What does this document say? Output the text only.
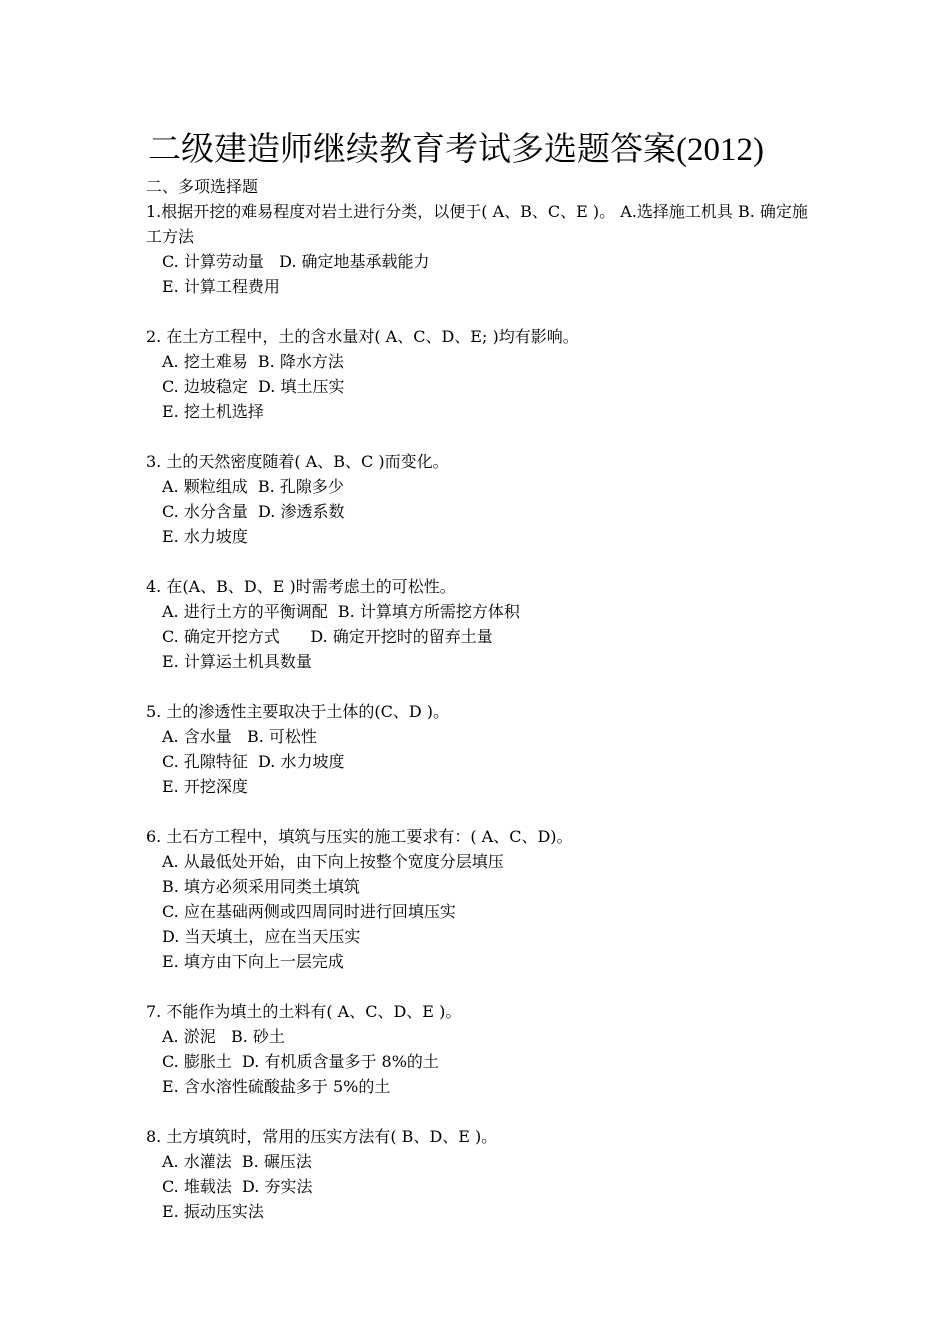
二级建造师继续教育考试多选题答案(2012)
二、多项选择题
1.根据开挖的难易程度对岩土进行分类，以便于( A、B、C、E )。 A.选择施工机具 B. 确定施工方法
C. 计算劳动量   D. 确定地基承载能力
E. 计算工程费用
2. 在土方工程中，土的含水量对( A、C、D、E; )均有影响。
A. 挖土难易  B. 降水方法
C. 边坡稳定  D. 填土压实
E. 挖土机选择
3. 土的天然密度随着( A、B、C )而变化。
A. 颗粒组成  B. 孔隙多少
C. 水分含量  D. 渗透系数
E. 水力坡度
4. 在(A、B、D、E )时需考虑土的可松性。
A. 进行土方的平衡调配  B. 计算填方所需挖方体积
C. 确定开挖方式      D. 确定开挖时的留弃土量
E. 计算运土机具数量
5. 土的渗透性主要取决于土体的(C、D )。
A. 含水量   B. 可松性
C. 孔隙特征  D. 水力坡度
E. 开挖深度
6. 土石方工程中，填筑与压实的施工要求有：( A、C、D)。
A. 从最低处开始，由下向上按整个宽度分层填压
B. 填方必须采用同类土填筑
C. 应在基础两侧或四周同时进行回填压实
D. 当天填土，应在当天压实
E. 填方由下向上一层完成
7. 不能作为填土的土料有( A、C、D、E )。
A. 淤泥   B. 砂土
C. 膨胀土  D. 有机质含量多于 8%的土
E. 含水溶性硫酸盐多于 5%的土
8. 土方填筑时，常用的压实方法有( B、D、E )。
A. 水灌法  B. 碾压法
C. 堆载法  D. 夯实法
E. 振动压实法
